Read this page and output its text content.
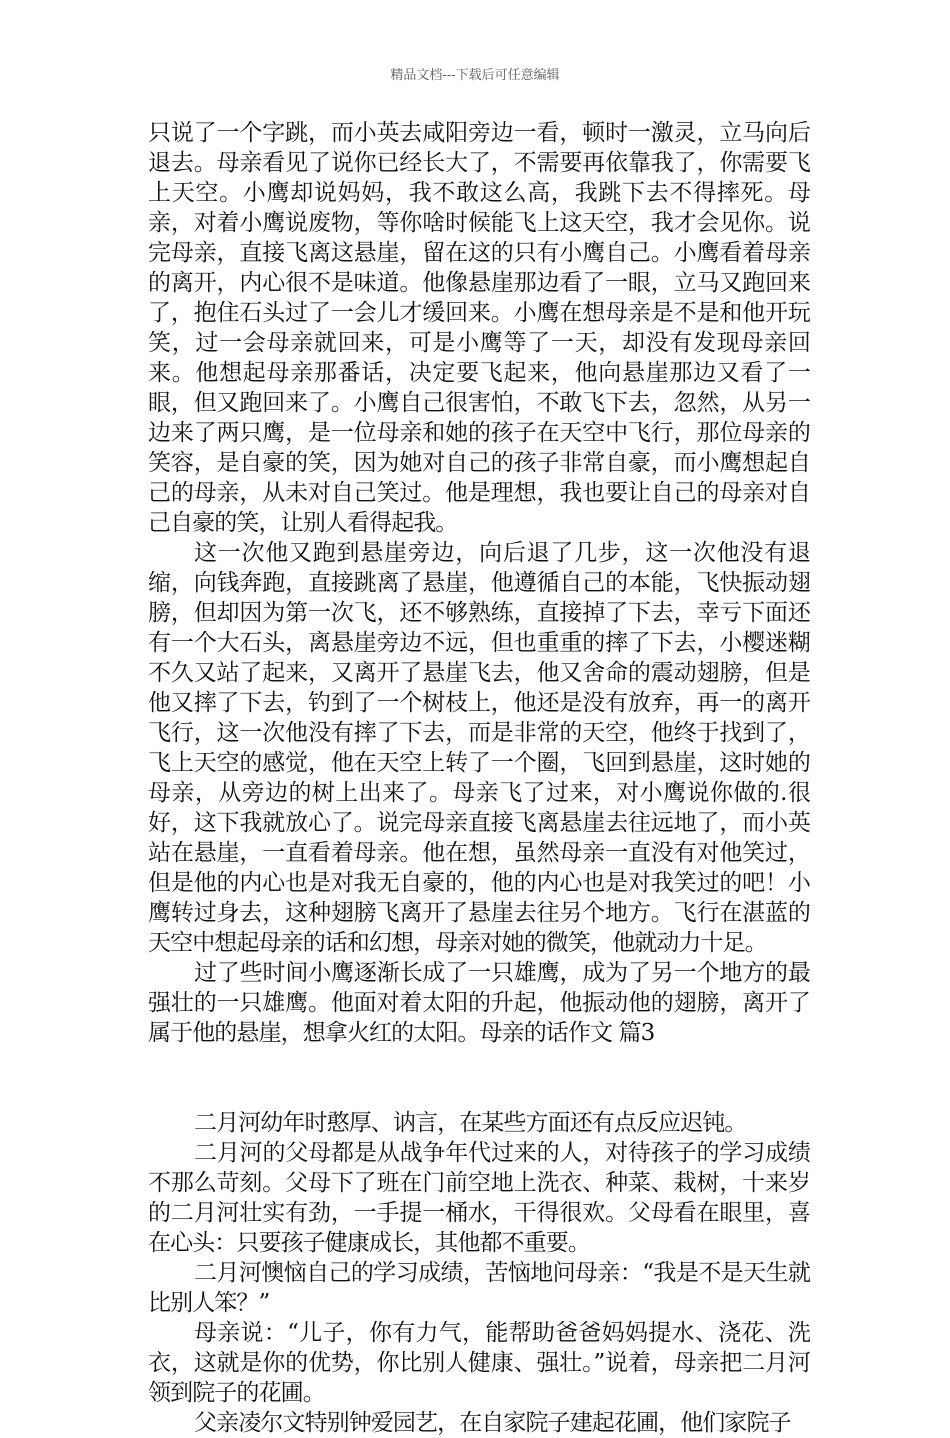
精品文档---下载后可任意编辑

只说了一个字跳，而小英去咸阳旁边一看，顿时一激灵，立马向后退去。母亲看见了说你已经长大了，不需要再依靠我了，你需要飞上天空。小鹰却说妈妈，我不敢这么高，我跳下去不得摔死。母亲，对着小鹰说废物，等你啥时候能飞上这天空，我才会见你。说完母亲，直接飞离这悬崖，留在这的只有小鹰自己。小鹰看着母亲的离开，内心很不是味道。他像悬崖那边看了一眼，立马又跑回来了，抱住石头过了一会儿才缓回来。小鹰在想母亲是不是和他开玩笑，过一会母亲就回来，可是小鹰等了一天，却没有发现母亲回来。他想起母亲那番话，决定要飞起来，他向悬崖那边又看了一眼，但又跑回来了。小鹰自己很害怕，不敢飞下去，忽然，从另一边来了两只鹰，是一位母亲和她的孩子在天空中飞行，那位母亲的笑容，是自豪的笑，因为她对自己的孩子非常自豪，而小鹰想起自己的母亲，从未对自己笑过。他是理想，我也要让自己的母亲对自己自豪的笑，让别人看得起我。

这一次他又跑到悬崖旁边，向后退了几步，这一次他没有退缩，向钱奔跑，直接跳离了悬崖，他遵循自己的本能，飞快振动翅膀，但却因为第一次飞，还不够熟练，直接掉了下去，幸亏下面还有一个大石头，离悬崖旁边不远，但也重重的摔了下去，小樱迷糊不久又站了起来，又离开了悬崖飞去，他又舍命的震动翅膀，但是他又摔了下去，钓到了一个树枝上，他还是没有放弃，再一的离开飞行，这一次他没有摔了下去，而是非常的天空，他终于找到了，飞上天空的感觉，他在天空上转了一个圈，飞回到悬崖，这时她的母亲，从旁边的树上出来了。母亲飞了过来，对小鹰说你做的.很好，这下我就放心了。说完母亲直接飞离悬崖去往远地了，而小英站在悬崖，一直看着母亲。他在想，虽然母亲一直没有对他笑过，但是他的内心也是对我无自豪的，他的内心也是对我笑过的吧！小鹰转过身去，这种翅膀飞离开了悬崖去往另个地方。飞行在湛蓝的天空中想起母亲的话和幻想，母亲对她的微笑，他就动力十足。

过了些时间小鹰逐渐长成了一只雄鹰，成为了另一个地方的最强壮的一只雄鹰。他面对着太阳的升起，他振动他的翅膀，离开了属于他的悬崖，想拿火红的太阳。母亲的话作文 篇3

二月河幼年时憨厚、讷言，在某些方面还有点反应迟钝。

二月河的父母都是从战争年代过来的人，对待孩子的学习成绩不那么苛刻。父母下了班在门前空地上洗衣、种菜、栽树，十来岁的二月河壮实有劲，一手提一桶水，干得很欢。父母看在眼里，喜在心头：只要孩子健康成长，其他都不重要。

二月河懊恼自己的学习成绩，苦恼地问母亲：“我是不是天生就比别人笨？”

母亲说：“儿子，你有力气，能帮助爸爸妈妈提水、浇花、洗衣，这就是你的优势，你比别人健康、强壮。”说着，母亲把二月河领到院子的花圃。

父亲凌尔文特别钟爱园艺，在自家院子建起花圃，他们家院子
